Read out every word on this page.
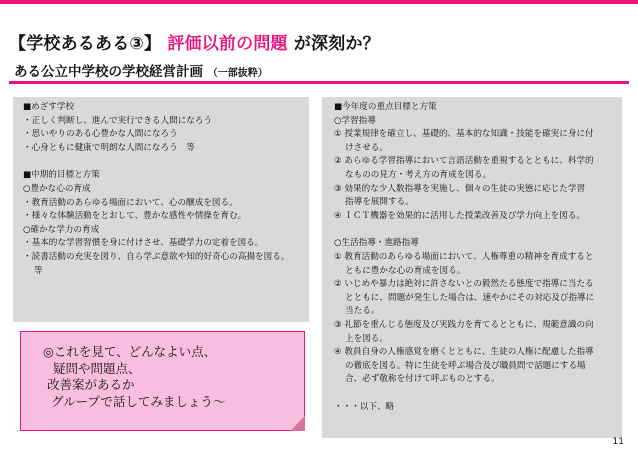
【学校あるある③】 評価以前の問題 が深刻か？
ある公立中学校の学校経営計画 （一部抜粋）
■めざす学校
・正しく判断し、進んで実行できる人間になろう
・思いやりのある心豊かな人間になろう
・心身ともに健康で明朗な人間になろう　等
■中期的目標と方策
○豊かな心の育成
・教育活動のあらゆる場面において、心の醸成を図る。
・様々な体験活動をとおして、豊かな感性や情操を育む。
○確かな学力の育成
・基本的な学習習慣を身に付けさせ、基礎学力の定着を図る。
・読書活動の充実を図り、自ら学ぶ意欲や知的好奇心の高揚を図る。
等
■今年度の重点目標と方策
○学習指導
① 授業規律を確立し、基礎的、基本的な知識・技能を確実に身に付
けさせる。
② あらゆる学習指導において言語活動を重視するとともに、科学的
なものの見方・考え方の育成を図る。
③ 効果的な少人数指導を実施し、個々の生徒の実態に応じた学習
指導を展開する。
④ ＩＣＴ機器を効果的に活用した授業改善及び学力向上を図る。
○生活指導・進路指導
① 教育活動のあらゆる場面において、人権尊重の精神を育成すると
ともに豊かな心の育成を図る。
② いじめや暴力は絶対に許さないとの毅然たる態度で指導に当たる
とともに、問題が発生した場合は、速やかにその対応及び指導に
当たる。
③ 礼節を重んじる態度及び実践力を育てるとともに、規範意識の向
上を図る。
④ 教員自身の人権感覚を磨くとともに、生徒の人権に配慮した指導
の徹底を図る。特に生徒を呼ぶ場合及び職員間で話題にする場
合、必ず敬称を付けて呼ぶものとする。
・・・以下、略
◎これを見て、どんなよい点、
疑問や問題点、
改善案があるか
グループで話してみましょう〜
11
